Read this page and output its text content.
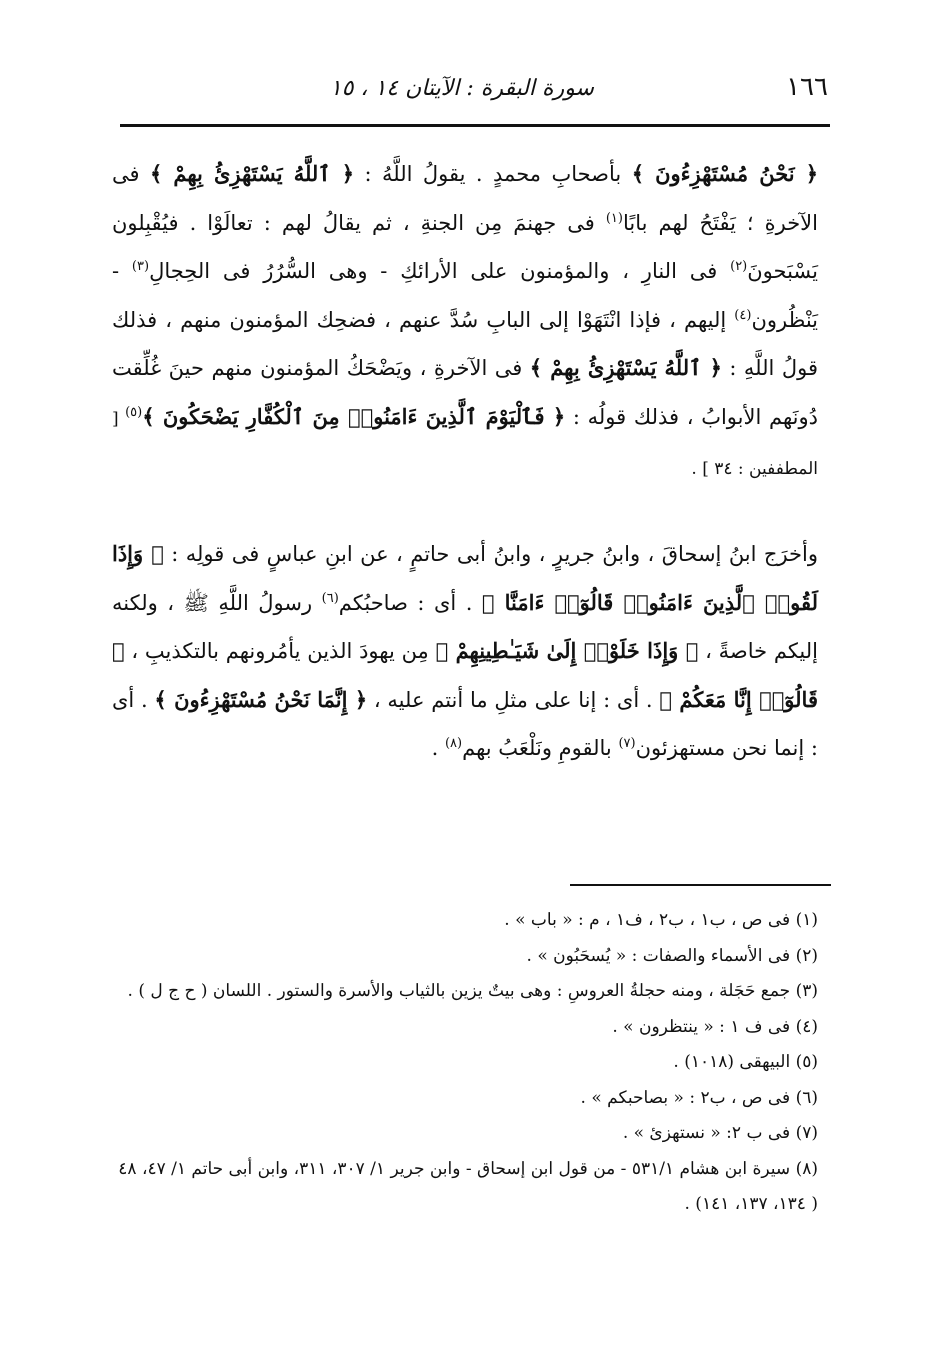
١٦٦
سورة البقرة : الآيتان ١٤ ، ١٥

﴿ نَحْنُ مُسْتَهْزِءُونَ ﴾ بأصحابِ محمدٍ . يقولُ اللَّهُ : ﴿ ٱللَّهُ يَسْتَهْزِئُ بِهِمْ ﴾ فى الآخرةِ ؛ يَفْتَحُ لهم بابًا$^{(١)}$ فى جهنمَ مِن الجنةِ ، ثم يقالُ لهم : تعالَوْا . فيُقْبِلون يَسْبَحونَ$^{(٢)}$ فى النارِ ، والمؤمنون على الأرائكِ - وهى السُّرُرُ فى الحِجالِ$^{(٣)}$ - يَنْظُرون$^{(٤)}$ إليهم ، فإذا انْتَهَوْا إلى البابِ سُدَّ عنهم ، فضحِك المؤمنون منهم ، فذلك قولُ اللَّهِ : ﴿ ٱللَّهُ يَسْتَهْزِئُ بِهِمْ ﴾ فى الآخرةِ ، ويَضْحَكُ المؤمنون منهم حينَ غُلِّقت دُونَهم الأبوابُ ، فذلك قولُه : ﴿ فَٱلْيَوْمَ ٱلَّذِينَ ءَامَنُوا۟ مِنَ ٱلْكُفَّارِ يَضْحَكُونَ ﴾$^{(٥)}$ [ المطففين : ٣٤ ] .

وأخرَج ابنُ إسحاقَ ، وابنُ جريرٍ ، وابنُ أبى حاتمٍ ، عن ابنِ عباسٍ فى قولِه : ﴿ وَإِذَا لَقُوا۟ ٱلَّذِينَ ءَامَنُوا۟ قَالُوٓا۟ ءَامَنَّا ﴾ . أى : صاحبُكم$^{(٦)}$ رسولُ اللَّهِ ﷺ ، ولكنه إليكم خاصةً ، ﴿ وَإِذَا خَلَوْا۟ إِلَىٰ شَيَـٰطِينِهِمْ ﴾ مِن يهودَ الذين يأمُرونهم بالتكذيبِ ، ﴿ قَالُوٓا۟ إِنَّا مَعَكُمْ ﴾ . أى : إنا على مثلِ ما أنتم عليه ، ﴿ إِنَّمَا نَحْنُ مُسْتَهْزِءُونَ ﴾ . أى : إنما نحن مستهزئون$^{(٧)}$ بالقومِ ونَلْعَبُ بهم$^{(٨)}$ .

(١) فى ص ، ب١ ، ب٢ ، ف١ ، م : « باب » .
(٢) فى الأسماء والصفات : « يُسحَبُون » .
(٣) جمع حَجَلة ، ومنه حجلةُ العروسِ : وهى بيتٌ يزين بالثياب والأسرة والستور . اللسان ( ح ج ل ) .
(٤) فى ف ١ : « ينتظرون » .
(٥) البيهقى (١٠١٨) .
(٦) فى ص ، ب٢ : « بصاحبكم » .
(٧) فى ب ٢: « نستهزئ » .
(٨) سيرة ابن هشام ٥٣١/١ - من قول ابن إسحاق - وابن جرير ١/ ٣٠٧، ٣١١، وابن أبى حاتم ١/ ٤٧، ٤٨ ( ١٣٤، ١٣٧، ١٤١) .
